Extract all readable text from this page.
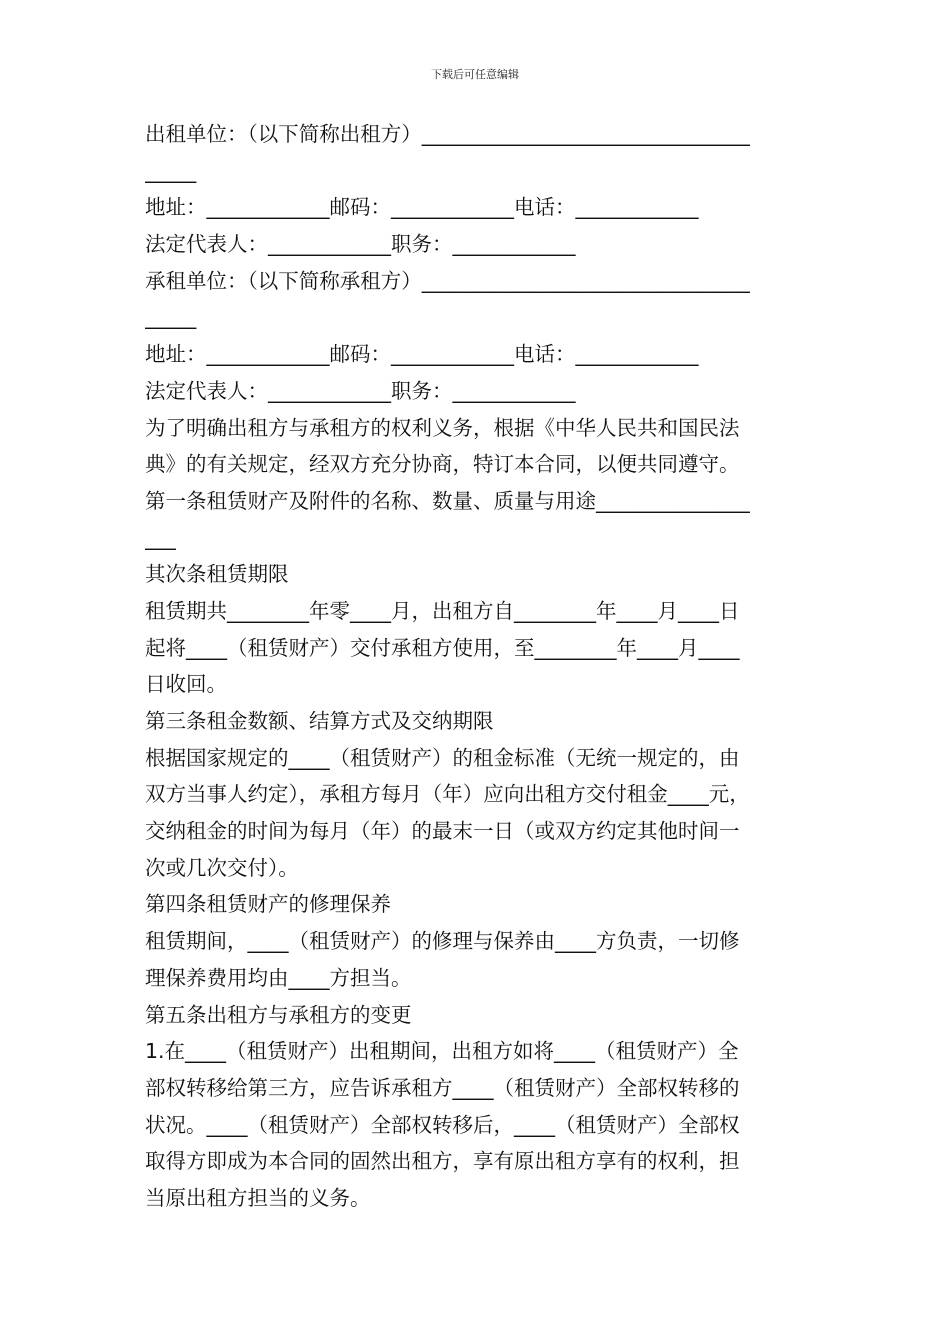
下载后可任意编辑
出租单位：（以下简称出租方）________________________________
_____
地址：____________邮码：____________电话：____________
法定代表人：____________职务：____________
承租单位：（以下简称承租方）________________________________
_____
地址：____________邮码：____________电话：____________
法定代表人：____________职务：____________
为了明确出租方与承租方的权利义务，根据《中华人民共和国民法
典》的有关规定，经双方充分协商，特订本合同，以便共同遵守。
第一条租赁财产及附件的名称、数量、质量与用途_______________
___
其次条租赁期限
租赁期共________年零____月，出租方自________年____月____日
起将____（租赁财产）交付承租方使用，至________年____月____
日收回。
第三条租金数额、结算方式及交纳期限
根据国家规定的____（租赁财产）的租金标准（无统一规定的，由
双方当事人约定），承租方每月（年）应向出租方交付租金____元，
交纳租金的时间为每月（年）的最末一日（或双方约定其他时间一
次或几次交付）。
第四条租赁财产的修理保养
租赁期间，____（租赁财产）的修理与保养由____方负责，一切修
理保养费用均由____方担当。
第五条出租方与承租方的变更
1.在____（租赁财产）出租期间，出租方如将____（租赁财产）全
部权转移给第三方，应告诉承租方____（租赁财产）全部权转移的
状况。____（租赁财产）全部权转移后，____（租赁财产）全部权
取得方即成为本合同的固然出租方，享有原出租方享有的权利，担
当原出租方担当的义务。
